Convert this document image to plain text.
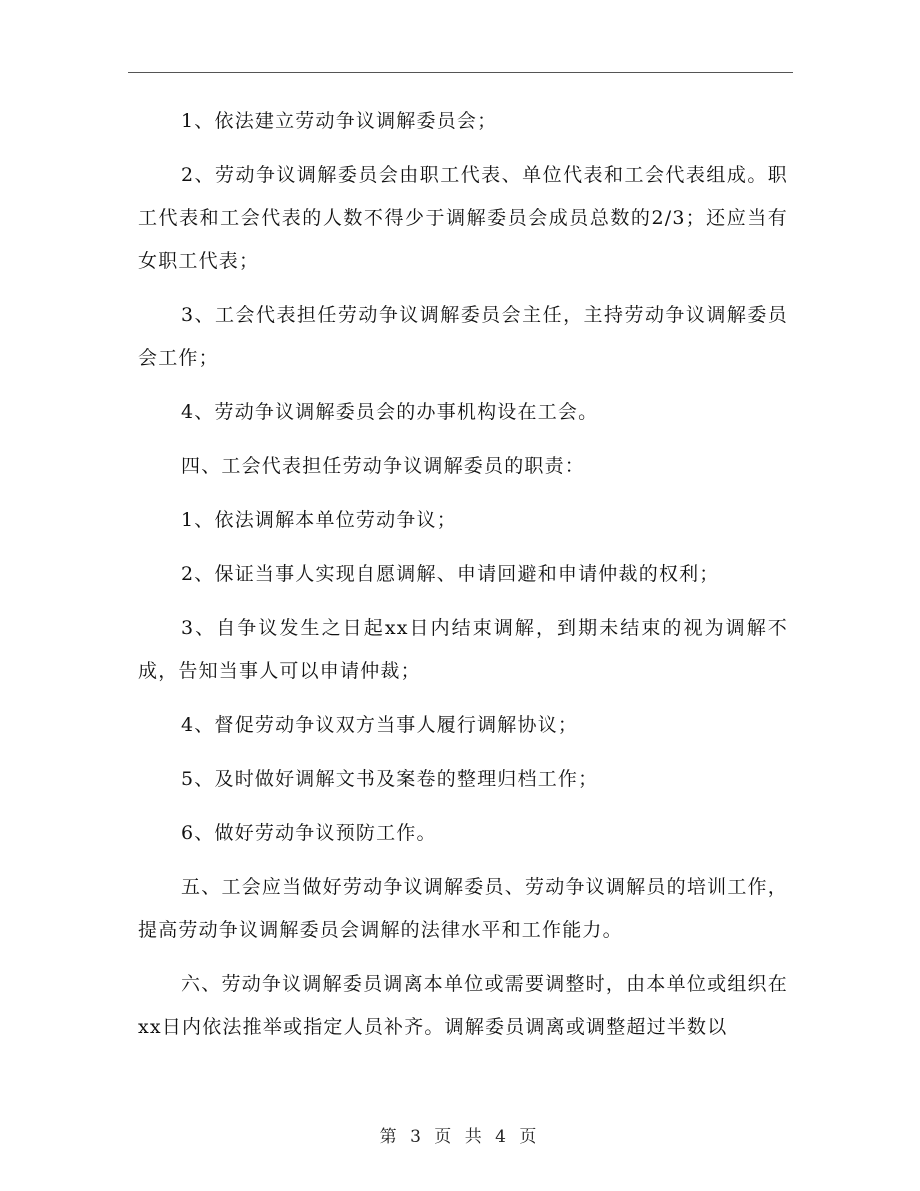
1、依法建立劳动争议调解委员会；

2、劳动争议调解委员会由职工代表、单位代表和工会代表组成。职工代表和工会代表的人数不得少于调解委员会成员总数的2/3；还应当有女职工代表；

3、工会代表担任劳动争议调解委员会主任，主持劳动争议调解委员会工作；

4、劳动争议调解委员会的办事机构设在工会。

四、工会代表担任劳动争议调解委员的职责：

1、依法调解本单位劳动争议；

2、保证当事人实现自愿调解、申请回避和申请仲裁的权利；

3、自争议发生之日起xx日内结束调解，到期未结束的视为调解不成，告知当事人可以申请仲裁；

4、督促劳动争议双方当事人履行调解协议；

5、及时做好调解文书及案卷的整理归档工作；

6、做好劳动争议预防工作。

五、工会应当做好劳动争议调解委员、劳动争议调解员的培训工作，提高劳动争议调解委员会调解的法律水平和工作能力。

六、劳动争议调解委员调离本单位或需要调整时，由本单位或组织在xx日内依法推举或指定人员补齐。调解委员调离或调整超过半数以

第 3 页 共 4 页
